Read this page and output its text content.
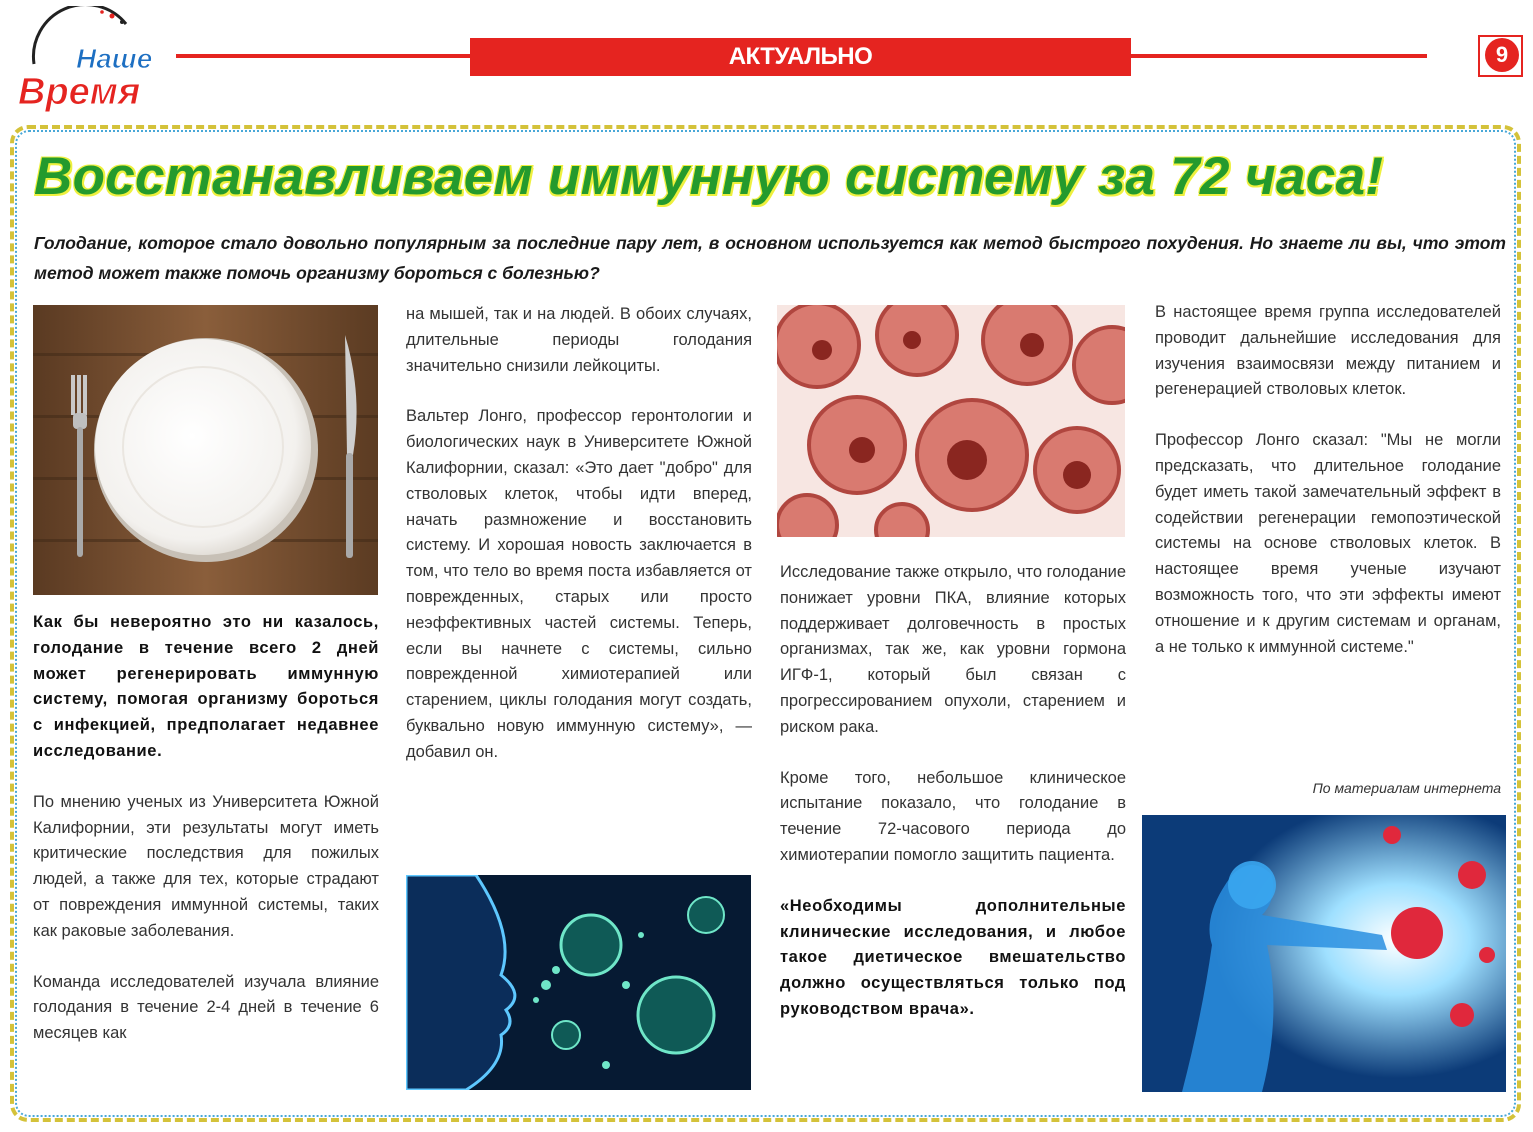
Наше
Время
АКТУАЛЬНО	9
Восстанавливаем иммунную систему за 72 часа!
Голодание, которое стало довольно популярным за последние пару лет, в основном используется как метод быстрого похудения. Но знаете ли вы, что этот метод может также помочь организму бороться с болезнью?

Как бы невероятно это ни казалось, голодание в течение всего 2 дней может регенерировать иммунную систему, помогая организму бороться с инфекцией, предполагает недавнее исследование.

По мнению ученых из Университета Южной Калифорнии, эти результаты могут иметь критические последствия для пожилых людей, а также для тех, которые страдают от повреждения иммунной системы, таких как раковые заболевания.

Команда исследователей изучала влияние голодания в течение 2-4 дней в течение 6 месяцев как

на мышей, так и на людей. В обоих случаях, длительные периоды голодания значительно снизили лейкоциты.

Вальтер Лонго, профессор геронтологии и биологических наук в Университете Южной Калифорнии, сказал: «Это дает "добро" для стволовых клеток, чтобы идти вперед, начать размножение и восстановить систему. И хорошая новость заключается в том, что тело во время поста избавляется от поврежденных, старых или просто неэффективных частей системы. Теперь, если вы начнете с системы, сильно поврежденной химиотерапией или старением, циклы голодания могут создать, буквально новую иммунную систему», — добавил он.

Исследование также открыло, что голодание понижает уровни ПКА, влияние которых поддерживает долговечность в простых организмах, так же, как уровни гормона ИГФ-1, который был связан с прогрессированием опухоли, старением и риском рака.

Кроме того, небольшое клиническое испытание показало, что голодание в течение 72-часового периода до химиотерапии помогло защитить пациента.

«Необходимы дополнительные клинические исследования, и любое такое диетическое вмешательство должно осуществляться только под руководством врача».

В настоящее время группа исследователей проводит дальнейшие исследования для изучения взаимосвязи между питанием и регенерацией стволовых клеток.

Профессор Лонго сказал: "Мы не могли предсказать, что длительное голодание будет иметь такой замечательный эффект в содействии регенерации гемопоэтической системы на основе стволовых клеток. В настоящее время ученые изучают возможность того, что эти эффекты имеют отношение и к другим системам и органам, а не только к иммунной системе."

По материалам интернета
